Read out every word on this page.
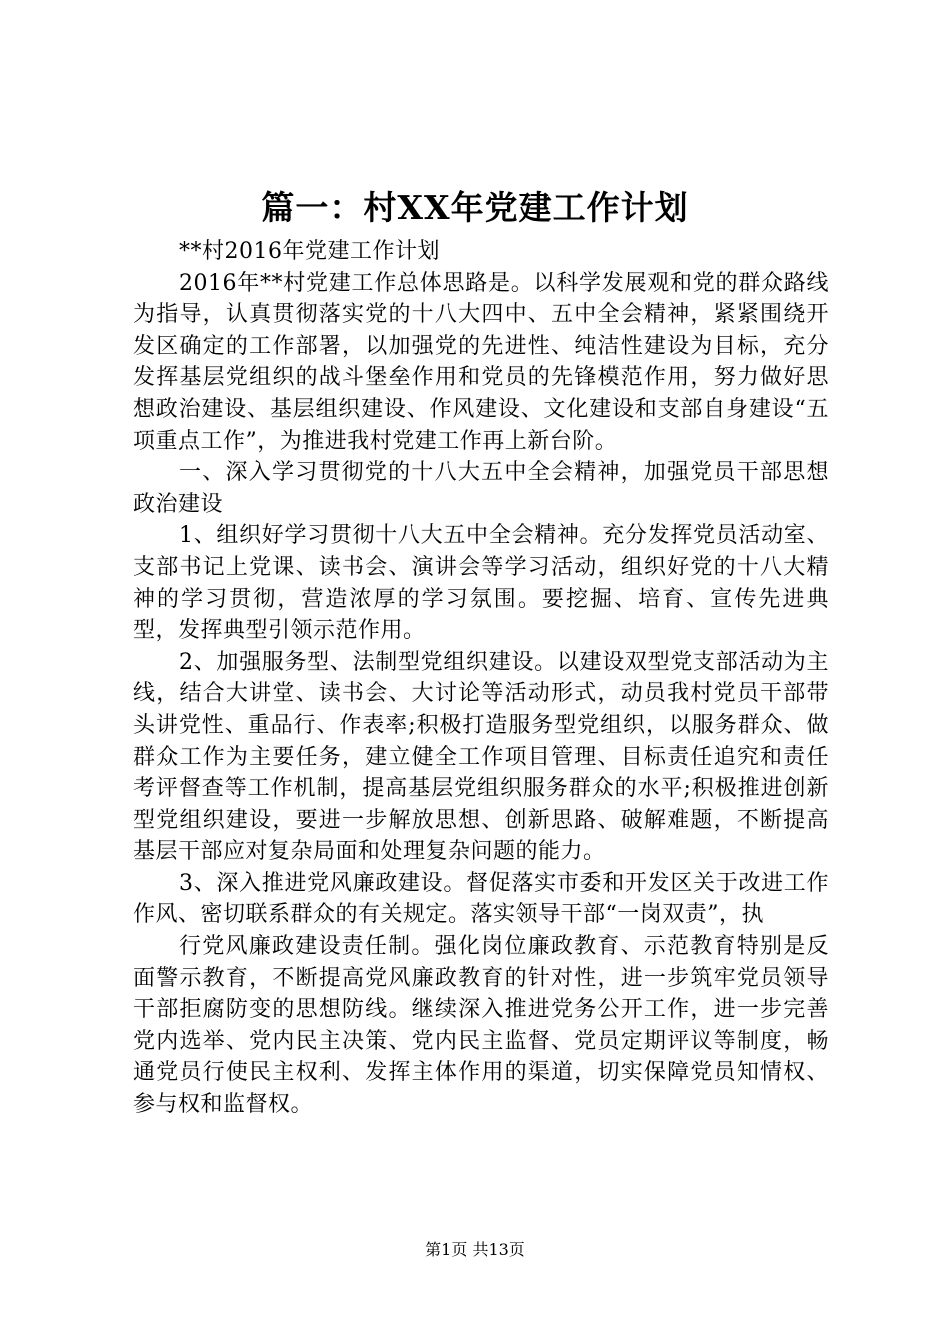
篇一：村XX年党建工作计划

**村2016年党建工作计划

2016年**村党建工作总体思路是。以科学发展观和党的群众路线为指导，认真贯彻落实党的十八大四中、五中全会精神，紧紧围绕开发区确定的工作部署，以加强党的先进性、纯洁性建设为目标，充分发挥基层党组织的战斗堡垒作用和党员的先锋模范作用，努力做好思想政治建设、基层组织建设、作风建设、文化建设和支部自身建设“五项重点工作”，为推进我村党建工作再上新台阶。

一、深入学习贯彻党的十八大五中全会精神，加强党员干部思想政治建设

1、组织好学习贯彻十八大五中全会精神。充分发挥党员活动室、支部书记上党课、读书会、演讲会等学习活动，组织好党的十八大精神的学习贯彻，营造浓厚的学习氛围。要挖掘、培育、宣传先进典型，发挥典型引领示范作用。

2、加强服务型、法制型党组织建设。以建设双型党支部活动为主线，结合大讲堂、读书会、大讨论等活动形式，动员我村党员干部带头讲党性、重品行、作表率;积极打造服务型党组织，以服务群众、做群众工作为主要任务，建立健全工作项目管理、目标责任追究和责任考评督查等工作机制，提高基层党组织服务群众的水平;积极推进创新型党组织建设，要进一步解放思想、创新思路、破解难题，不断提高基层干部应对复杂局面和处理复杂问题的能力。

3、深入推进党风廉政建设。督促落实市委和开发区关于改进工作作风、密切联系群众的有关规定。落实领导干部“一岗双责”，执

行党风廉政建设责任制。强化岗位廉政教育、示范教育特别是反面警示教育，不断提高党风廉政教育的针对性，进一步筑牢党员领导干部拒腐防变的思想防线。继续深入推进党务公开工作，进一步完善党内选举、党内民主决策、党内民主监督、党员定期评议等制度，畅通党员行使民主权利、发挥主体作用的渠道，切实保障党员知情权、参与权和监督权。

第1页 共13页
